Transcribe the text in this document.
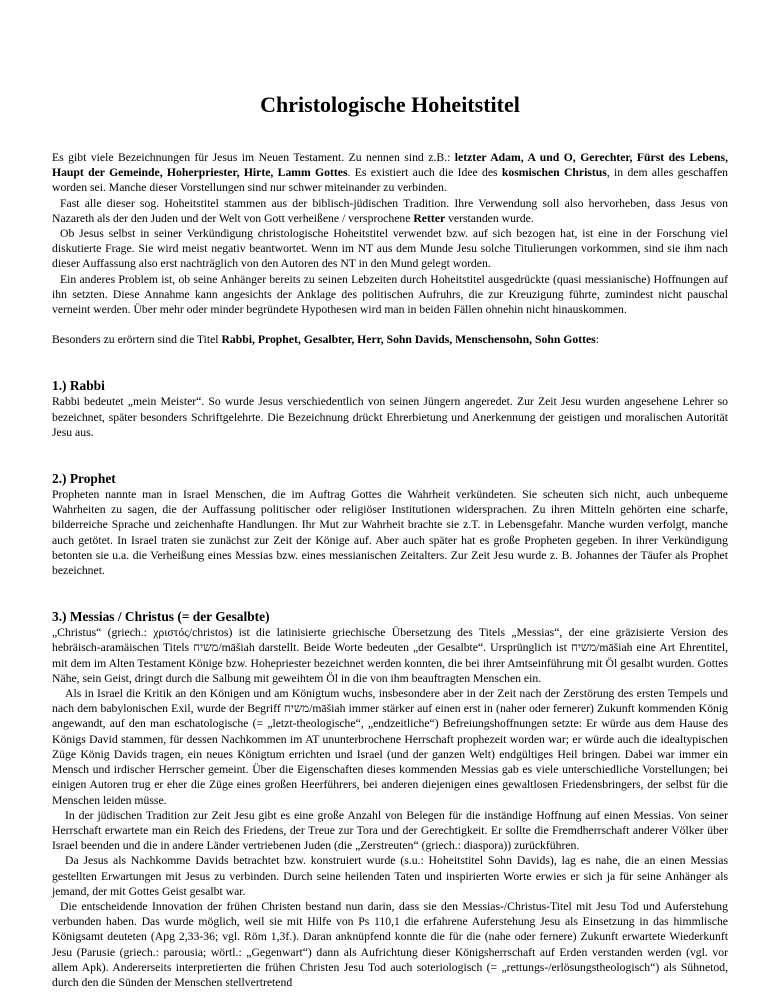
Christologische Hoheitstitel

Es gibt viele Bezeichnungen für Jesus im Neuen Testament. Zu nennen sind z.B.: letzter Adam, A und O, Gerechter, Fürst des Lebens, Haupt der Gemeinde, Hoherpriester, Hirte, Lamm Gottes. Es existiert auch die Idee des kosmischen Christus, in dem alles geschaffen worden sei. Manche dieser Vorstellungen sind nur schwer miteinander zu verbinden.

Fast alle dieser sog. Hoheitstitel stammen aus der biblisch-jüdischen Tradition. Ihre Verwendung soll also hervorheben, dass Jesus von Nazareth als der den Juden und der Welt von Gott verheißene / versprochene Retter verstanden wurde.

Ob Jesus selbst in seiner Verkündigung christologische Hoheitstitel verwendet bzw. auf sich bezogen hat, ist eine in der Forschung viel diskutierte Frage. Sie wird meist negativ beantwortet. Wenn im NT aus dem Munde Jesu solche Titulierungen vorkommen, sind sie ihm nach dieser Auffassung also erst nachträglich von den Autoren des NT in den Mund gelegt worden.

Ein anderes Problem ist, ob seine Anhänger bereits zu seinen Lebzeiten durch Hoheitstitel ausgedrückte (quasi messianische) Hoffnungen auf ihn setzten. Diese Annahme kann angesichts der Anklage des politischen Aufruhrs, die zur Kreuzigung führte, zumindest nicht pauschal verneint werden. Über mehr oder minder begründete Hypothesen wird man in beiden Fällen ohnehin nicht hinauskommen.

Besonders zu erörtern sind die Titel Rabbi, Prophet, Gesalbter, Herr, Sohn Davids, Menschensohn, Sohn Gottes:

1.) Rabbi

Rabbi bedeutet „mein Meister“. So wurde Jesus verschiedentlich von seinen Jüngern angeredet. Zur Zeit Jesu wurden angesehene Lehrer so bezeichnet, später besonders Schriftgelehrte. Die Bezeichnung drückt Ehrerbietung und Anerkennung der geistigen und moralischen Autorität Jesu aus.

2.) Prophet

Propheten nannte man in Israel Menschen, die im Auftrag Gottes die Wahrheit verkündeten. Sie scheuten sich nicht, auch unbequeme Wahrheiten zu sagen, die der Auffassung politischer oder religiöser Institutionen widersprachen. Zu ihren Mitteln gehörten eine scharfe, bilderreiche Sprache und zeichenhafte Handlungen. Ihr Mut zur Wahrheit brachte sie z.T. in Lebensgefahr. Manche wurden verfolgt, manche auch getötet. In Israel traten sie zunächst zur Zeit der Könige auf. Aber auch später hat es große Propheten gegeben. In ihrer Verkündigung betonten sie u.a. die Verheißung eines Messias bzw. eines messianischen Zeitalters. Zur Zeit Jesu wurde z. B. Johannes der Täufer als Prophet bezeichnet.

3.) Messias / Christus (= der Gesalbte)

„Christus“ (griech.: χριστός/christos) ist die latinisierte griechische Übersetzung des Titels „Messias“, der eine gräzisierte Version des hebräisch-aramäischen Titels משיח/māšiah darstellt. Beide Worte bedeuten „der Gesalbte“. Ursprünglich ist משיח/māšiah eine Art Ehrentitel, mit dem im Alten Testament Könige bzw. Hohepriester bezeichnet werden konnten, die bei ihrer Amtseinführung mit Öl gesalbt wurden. Gottes Nähe, sein Geist, dringt durch die Salbung mit geweihtem Öl in die von ihm beauftragten Menschen ein.

Als in Israel die Kritik an den Königen und am Königtum wuchs, insbesondere aber in der Zeit nach der Zerstörung des ersten Tempels und nach dem babylonischen Exil, wurde der Begriff משיח/māšiah immer stärker auf einen erst in (naher oder fernerer) Zukunft kommenden König angewandt, auf den man eschatologische (= „letzt-theologische“, „endzeitliche“) Befreiungshoffnungen setzte: Er würde aus dem Hause des Königs David stammen, für dessen Nachkommen im AT ununterbrochene Herrschaft prophezeit worden war; er würde auch die idealtypischen Züge König Davids tragen, ein neues Königtum errichten und Israel (und der ganzen Welt) endgültiges Heil bringen. Dabei war immer ein Mensch und irdischer Herrscher gemeint. Über die Eigenschaften dieses kommenden Messias gab es viele unterschiedliche Vorstellungen; bei einigen Autoren trug er eher die Züge eines großen Heerführers, bei anderen diejenigen eines gewaltlosen Friedensbringers, der selbst für die Menschen leiden müsse.

In der jüdischen Tradition zur Zeit Jesu gibt es eine große Anzahl von Belegen für die inständige Hoffnung auf einen Messias. Von seiner Herrschaft erwartete man ein Reich des Friedens, der Treue zur Tora und der Gerechtigkeit. Er sollte die Fremdherrschaft anderer Völker über Israel beenden und die in andere Länder vertriebenen Juden (die „Zerstreuten“ (griech.: diaspora)) zurückführen.

Da Jesus als Nachkomme Davids betrachtet bzw. konstruiert wurde (s.u.: Hoheitstitel Sohn Davids), lag es nahe, die an einen Messias gestellten Erwartungen mit Jesus zu verbinden. Durch seine heilenden Taten und inspirierten Worte erwies er sich ja für seine Anhänger als jemand, der mit Gottes Geist gesalbt war.

Die entscheidende Innovation der frühen Christen bestand nun darin, dass sie den Messias-/Christus-Titel mit Jesu Tod und Auferstehung verbunden haben. Das wurde möglich, weil sie mit Hilfe von Ps 110,1 die erfahrene Auferstehung Jesu als Einsetzung in das himmlische Königsamt deuteten (Apg 2,33-36; vgl. Röm 1,3f.). Daran anknüpfend konnte die für die (nahe oder fernere) Zukunft erwartete Wiederkunft Jesu (Parusie (griech.: parousia; wörtl.: „Gegenwart“) dann als Aufrichtung dieser Königsherrschaft auf Erden verstanden werden (vgl. vor allem Apk). Andererseits interpretierten die frühen Christen Jesu Tod auch soteriologisch (= „rettungs-/erlösungstheologisch“) als Sühnetod, durch den die Sünden der Menschen stellvertretend
